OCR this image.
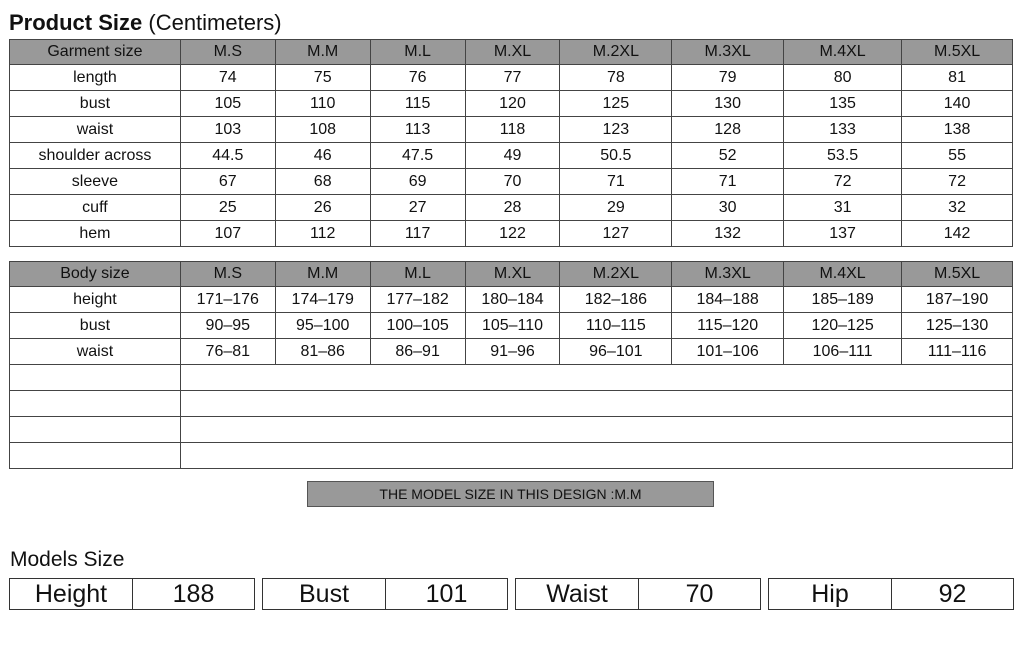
Product Size (Centimeters)
Garment size	M.S	M.M	M.L	M.XL	M.2XL	M.3XL	M.4XL	M.5XL
length	74	75	76	77	78	79	80	81
bust	105	110	115	120	125	130	135	140
waist	103	108	113	118	123	128	133	138
shoulder across	44.5	46	47.5	49	50.5	52	53.5	55
sleeve	67	68	69	70	71	71	72	72
cuff	25	26	27	28	29	30	31	32
hem	107	112	117	122	127	132	137	142
Body size	M.S	M.M	M.L	M.XL	M.2XL	M.3XL	M.4XL	M.5XL
height	171–176	174–179	177–182	180–184	182–186	184–188	185–189	187–190
bust	90–95	95–100	100–105	105–110	110–115	115–120	120–125	125–130
waist	76–81	81–86	86–91	91–96	96–101	101–106	106–111	111–116

THE MODEL SIZE IN THIS DESIGN :M.M
Models Size
Height	188	Bust	101	Waist	70	Hip	92
